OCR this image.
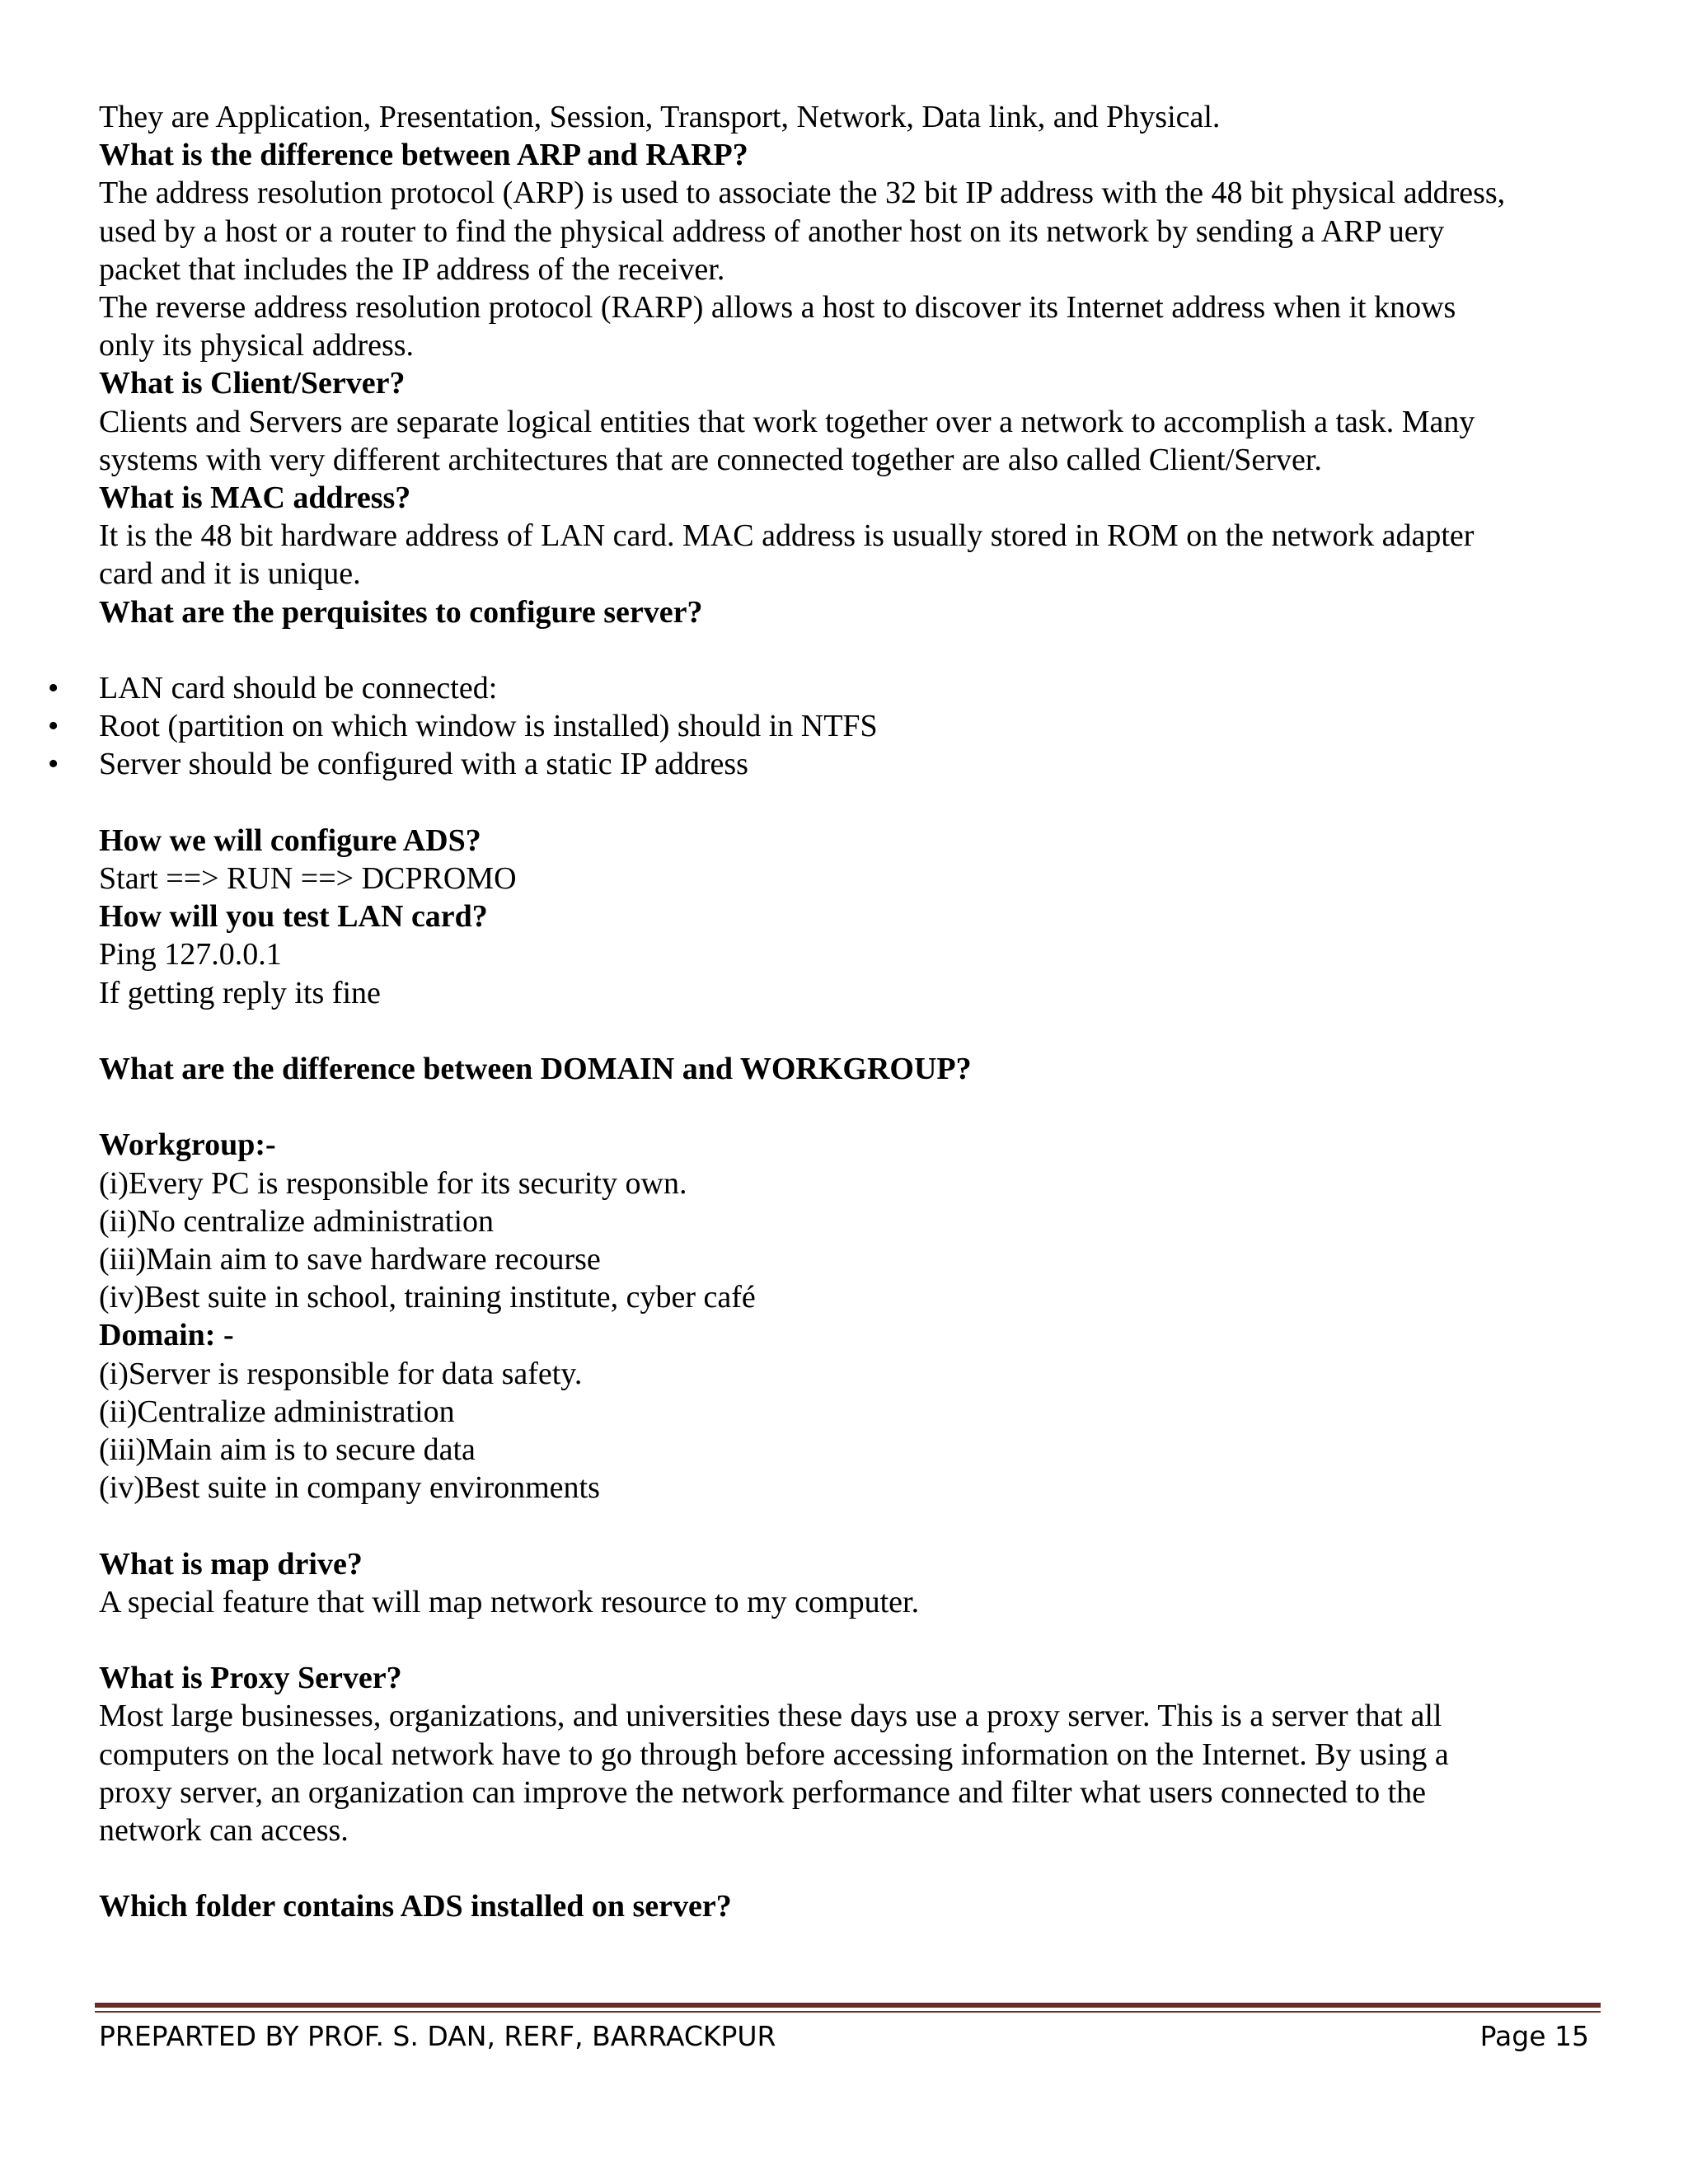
They are Application, Presentation, Session, Transport, Network, Data link, and Physical.

What is the difference between ARP and RARP?

The address resolution protocol (ARP) is used to associate the 32 bit IP address with the 48 bit physical address,

used by a host or a router to find the physical address of another host on its network by sending a ARP uery

packet that includes the IP address of the receiver.

The reverse address resolution protocol (RARP) allows a host to discover its Internet address when it knows

only its physical address.

What is Client/Server?

Clients and Servers are separate logical entities that work together over a network to accomplish a task. Many

systems with very different architectures that are connected together are also called Client/Server.

What is MAC address?

It is the 48 bit hardware address of LAN card. MAC address is usually stored in ROM on the network adapter

card and it is unique.

What are the perquisites to configure server?

• LAN card should be connected:

• Root (partition on which window is installed) should in NTFS

• Server should be configured with a static IP address

How we will configure ADS?

Start ==> RUN ==> DCPROMO

How will you test LAN card?

Ping 127.0.0.1

If getting reply its fine

What are the difference between DOMAIN and WORKGROUP?

Workgroup:-

(i)Every PC is responsible for its security own.

(ii)No centralize administration

(iii)Main aim to save hardware recourse

(iv)Best suite in school, training institute, cyber café

Domain: -

(i)Server is responsible for data safety.

(ii)Centralize administration

(iii)Main aim is to secure data

(iv)Best suite in company environments

What is map drive?

A special feature that will map network resource to my computer.

What is Proxy Server?

Most large businesses, organizations, and universities these days use a proxy server. This is a server that all

computers on the local network have to go through before accessing information on the Internet. By using a

proxy server, an organization can improve the network performance and filter what users connected to the

network can access.

Which folder contains ADS installed on server?

PREPARTED BY PROF. S. DAN, RERF, BARRACKPUR	Page 15
